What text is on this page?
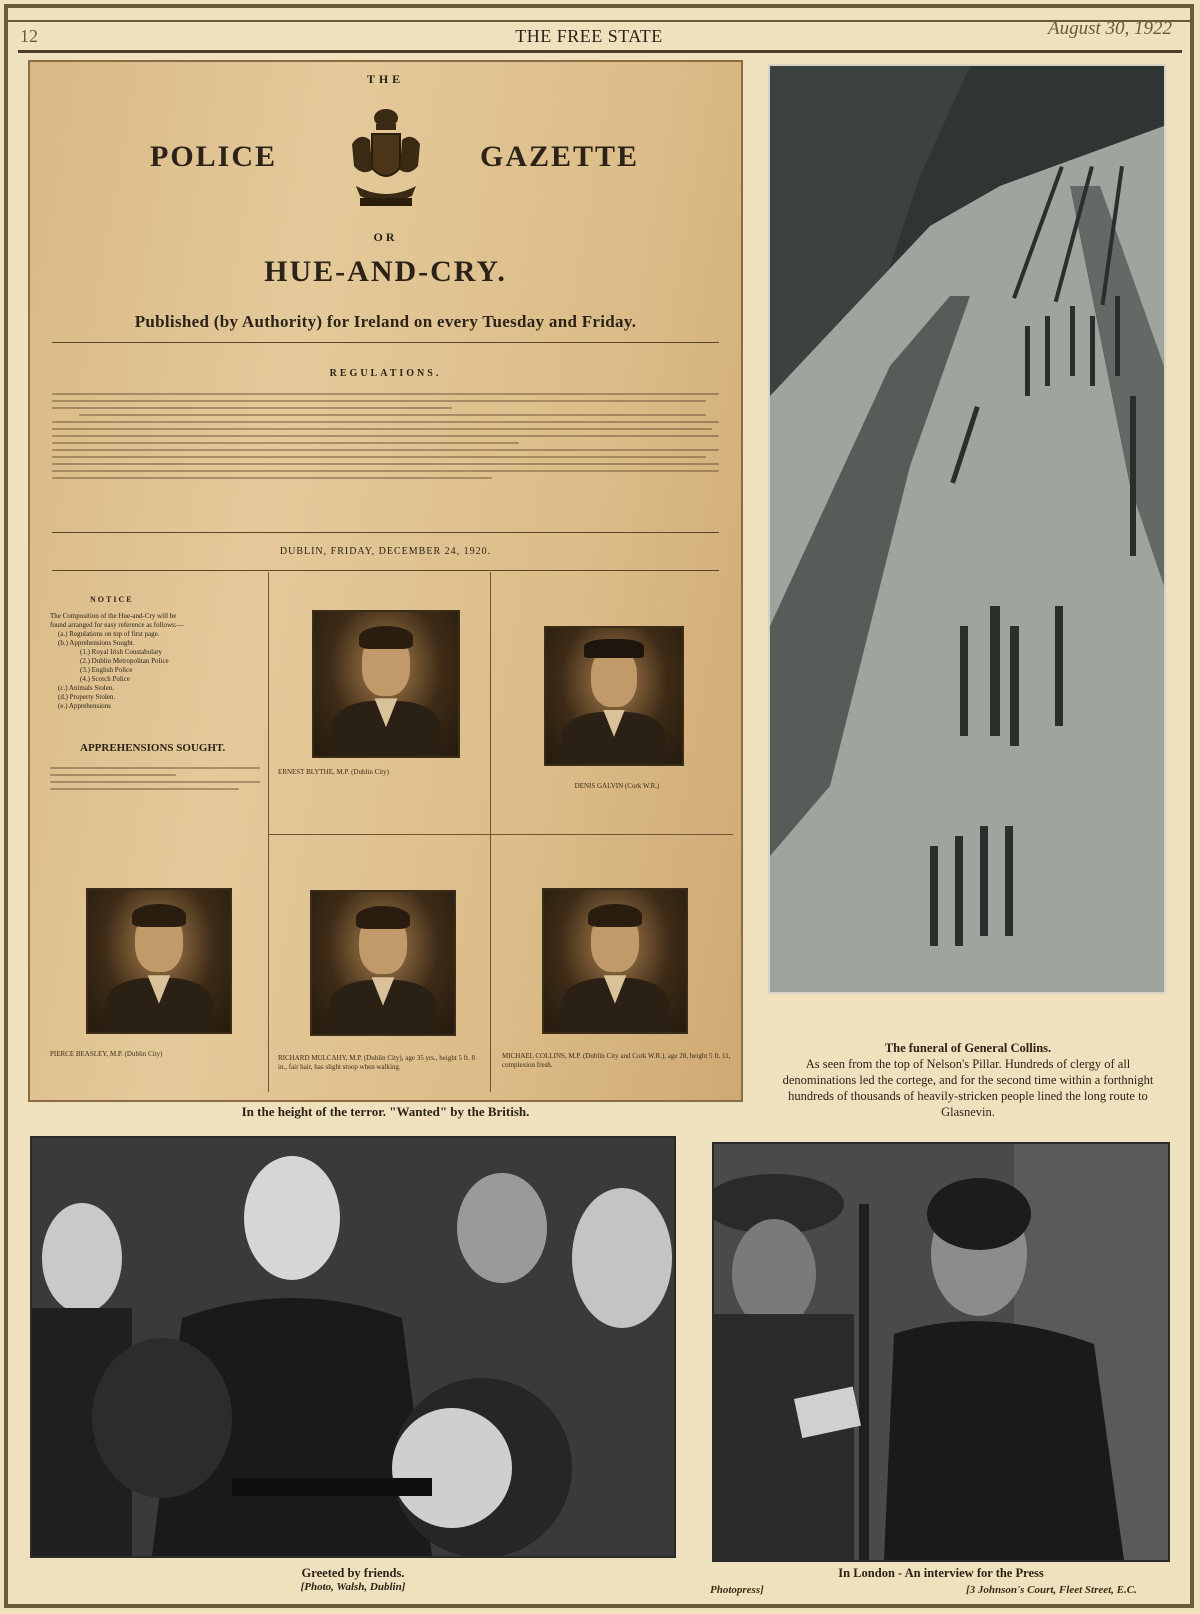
12	THE FREE STATE	August 30, 1922
THE
POLICE	GAZETTE
OR
HUE-AND-CRY.
Published (by Authority) for Ireland on every Tuesday and Friday.
REGULATIONS.
DUBLIN, FRIDAY, DECEMBER 24, 1920.
NOTICE
The Composition of the Hue-and-Cry will be
found arranged for easy reference as follows:—
(a.) Regulations on top of first page.
(b.) Apprehensions Sought.
(1.) Royal Irish Constabulary
(2.) Dublin Metropolitan Police
(3.) English Police
(4.) Scotch Police
(c.) Animals Stolen.
(d.) Property Stolen.
(e.) Apprehensions
APPREHENSIONS SOUGHT.
ERNEST BLYTHE, M.P. (Dublin City)
DENIS GALVIN (Cork W.R.)
PIERCE BEASLEY, M.P. (Dublin City)	RICHARD MULCAHY, M.P. (Dublin City), age 35 yrs., height 5 ft. 8 in., fair hair, has slight stoop when walking.
MICHAEL COLLINS, M.P. (Dublin City and Cork W.R.), age 28, height 5 ft. 11, complexion fresh.
In the height of the terror. "Wanted" by the British.
The funeral of General Collins.
As seen from the top of Nelson's Pillar. Hundreds of clergy of all denominations led the cortege, and for the second time within a forthnight hundreds of thousands of heavily-stricken people lined the long route to Glasnevin.
Greeted by friends.
[Photo, Walsh, Dublin]
In London - An interview for the Press
Photopress]	[3 Johnson's Court, Fleet Street, E.C.
